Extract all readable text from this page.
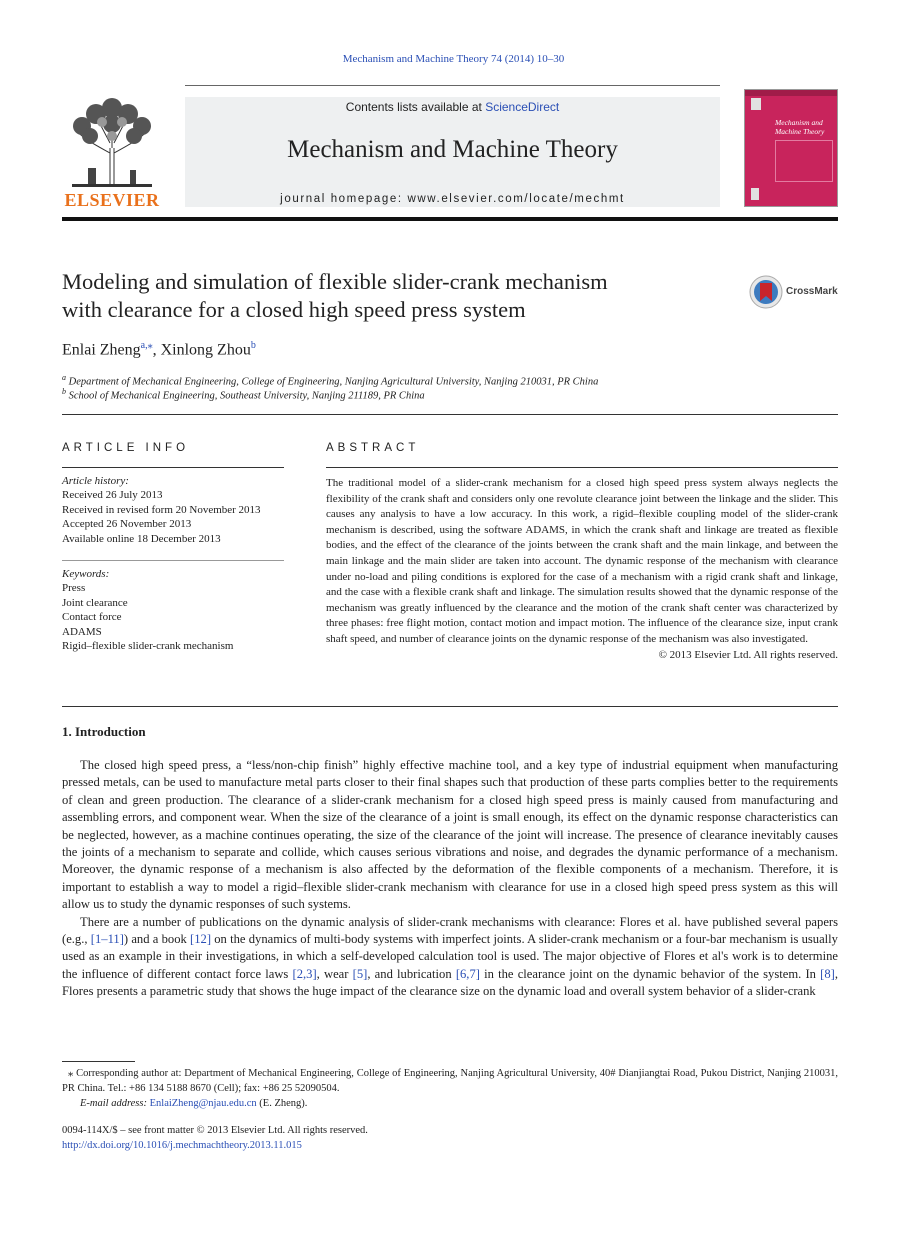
Mechanism and Machine Theory 74 (2014) 10–30
ELSEVIER
Contents lists available at ScienceDirect
Mechanism and Machine Theory
journal homepage: www.elsevier.com/locate/mechmt
Mechanism and Machine Theory
Modeling and simulation of flexible slider-crank mechanism
with clearance for a closed high speed press system
CrossMark
Enlai Zheng$^{a,⁎}$, Xinlong Zhou$^b$
$^a$ Department of Mechanical Engineering, College of Engineering, Nanjing Agricultural University, Nanjing 210031, PR China
$^b$ School of Mechanical Engineering, Southeast University, Nanjing 211189, PR China
ARTICLE INFO
Article history:
Received 26 July 2013
Received in revised form 20 November 2013
Accepted 26 November 2013
Available online 18 December 2013
Keywords:
Press
Joint clearance
Contact force
ADAMS
Rigid–flexible slider-crank mechanism
ABSTRACT
The traditional model of a slider-crank mechanism for a closed high speed press system always neglects the flexibility of the crank shaft and considers only one revolute clearance joint between the linkage and the slider. This causes any analysis to have a low accuracy. In this work, a rigid–flexible coupling model of the slider-crank mechanism is described, using the software ADAMS, in which the crank shaft and linkage are treated as flexible bodies, and the effect of the clearance of the joints between the crank shaft and the main linkage, and between the main linkage and the main slider are taken into account. The dynamic response of the mechanism with clearance under no-load and piling conditions is explored for the case of a mechanism with a rigid crank shaft and linkage, and the case with a flexible crank shaft and linkage. The simulation results showed that the dynamic response of the mechanism was greatly influenced by the clearance and the motion of the crank shaft center was characterized by three phases: free flight motion, contact motion and impact motion. The influence of the clearance size, input crank shaft speed, and number of clearance joints on the dynamic response of the mechanism was also investigated.
© 2013 Elsevier Ltd. All rights reserved.
1. Introduction

The closed high speed press, a “less/non-chip finish” highly effective machine tool, and a key type of industrial equipment when manufacturing pressed metals, can be used to manufacture metal parts closer to their final shapes such that production of these parts complies better to the requirements of clean and green production. The clearance of a slider-crank mechanism for a closed high speed press is mainly caused from manufacturing and assembling errors, and component wear. When the size of the clearance of a joint is small enough, its effect on the dynamic response characteristics can be neglected, however, as a machine continues operating, the size of the clearance of the joint will increase. The presence of clearance inevitably causes the joints of a mechanism to separate and collide, which causes serious vibrations and noise, and degrades the dynamic performance of a mechanism. Moreover, the dynamic response of a mechanism is also affected by the deformation of the flexible components of a mechanism. Therefore, it is important to establish a way to model a rigid–flexible slider-crank mechanism with clearance for use in a closed high speed press system as this will allow us to study the dynamic responses of such systems.

There are a number of publications on the dynamic analysis of slider-crank mechanisms with clearance: Flores et al. have published several papers (e.g., [1–11]) and a book [12] on the dynamics of multi-body systems with imperfect joints. A slider-crank mechanism or a four-bar mechanism is usually used as an example in their investigations, in which a self-developed calculation tool is used. The major objective of Flores et al's work is to determine the influence of different contact force laws [2,3], wear [5], and lubrication [6,7] in the clearance joint on the dynamic behavior of the system. In [8], Flores presents a parametric study that shows the huge impact of the clearance size on the dynamic load and overall system behavior of a slider-crank

⁎ Corresponding author at: Department of Mechanical Engineering, College of Engineering, Nanjing Agricultural University, 40# Dianjiangtai Road, Pukou District, Nanjing 210031, PR China. Tel.: +86 134 5188 8670 (Cell); fax: +86 25 52090504.
E-mail address: EnlaiZheng@njau.edu.cn (E. Zheng).
0094-114X/$ – see front matter © 2013 Elsevier Ltd. All rights reserved.
http://dx.doi.org/10.1016/j.mechmachtheory.2013.11.015
